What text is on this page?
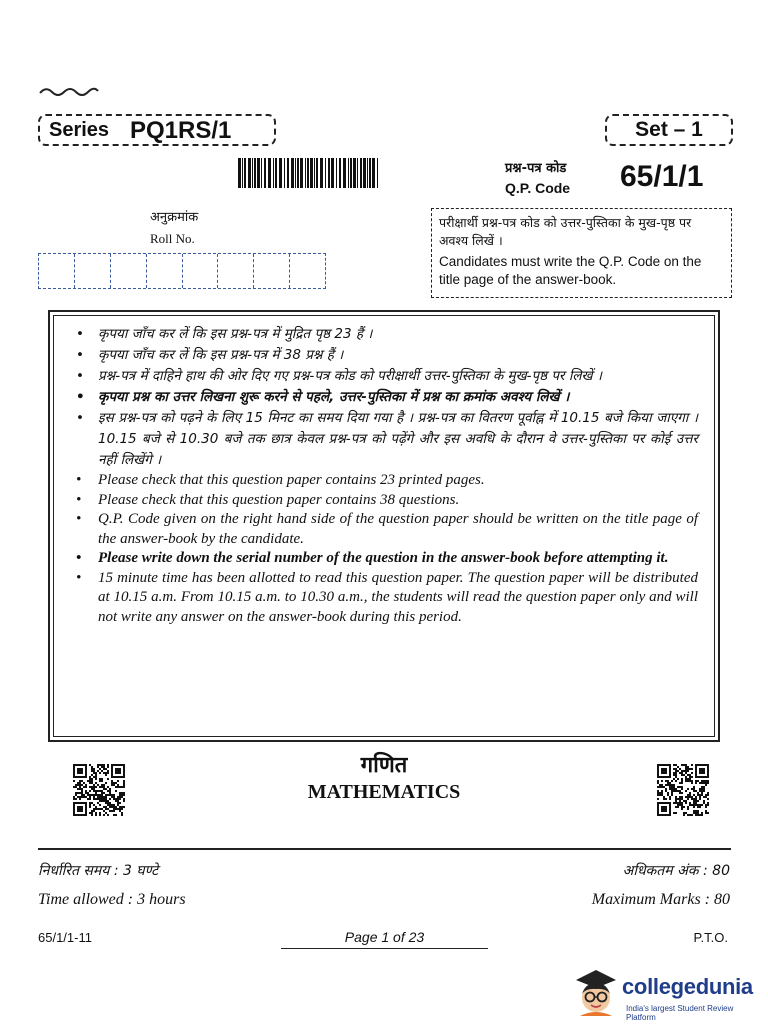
Series PQ1RS/1	Set – 1
प्रश्न-पत्र कोड
Q.P. Code 65/1/1
अनुक्रमांक
Roll No.
परीक्षार्थी प्रश्न-पत्र कोड को उत्तर-पुस्तिका के मुख-पृष्ठ पर अवश्य लिखें ।
Candidates must write the Q.P. Code on the title page of the answer-book.
• कृपया जाँच कर लें कि इस प्रश्न-पत्र में मुद्रित पृष्ठ 23 हैं ।
• कृपया जाँच कर लें कि इस प्रश्न-पत्र में 38 प्रश्न हैं ।
• प्रश्न-पत्र में दाहिने हाथ की ओर दिए गए प्रश्न-पत्र कोड को परीक्षार्थी उत्तर-पुस्तिका के मुख-पृष्ठ पर लिखें ।
• कृपया प्रश्न का उत्तर लिखना शुरू करने से पहले, उत्तर-पुस्तिका में प्रश्न का क्रमांक अवश्य लिखें ।
• इस प्रश्न-पत्र को पढ़ने के लिए 15 मिनट का समय दिया गया है । प्रश्न-पत्र का वितरण पूर्वाह्न में 10.15 बजे किया जाएगा । 10.15 बजे से 10.30 बजे तक छात्र केवल प्रश्न-पत्र को पढ़ेंगे और इस अवधि के दौरान वे उत्तर-पुस्तिका पर कोई उत्तर नहीं लिखेंगे ।
• Please check that this question paper contains 23 printed pages.
• Please check that this question paper contains 38 questions.
• Q.P. Code given on the right hand side of the question paper should be written on the title page of the answer-book by the candidate.
• Please write down the serial number of the question in the answer-book before attempting it.
• 15 minute time has been allotted to read this question paper. The question paper will be distributed at 10.15 a.m. From 10.15 a.m. to 10.30 a.m., the students will read the question paper only and will not write any answer on the answer-book during this period.
गणित
MATHEMATICS
निर्धारित समय : 3 घण्टे	अधिकतम अंक : 80
Time allowed : 3 hours	Maximum Marks : 80
65/1/1-11	Page 1 of 23	P.T.O.
collegedunia
India's largest Student Review Platform
